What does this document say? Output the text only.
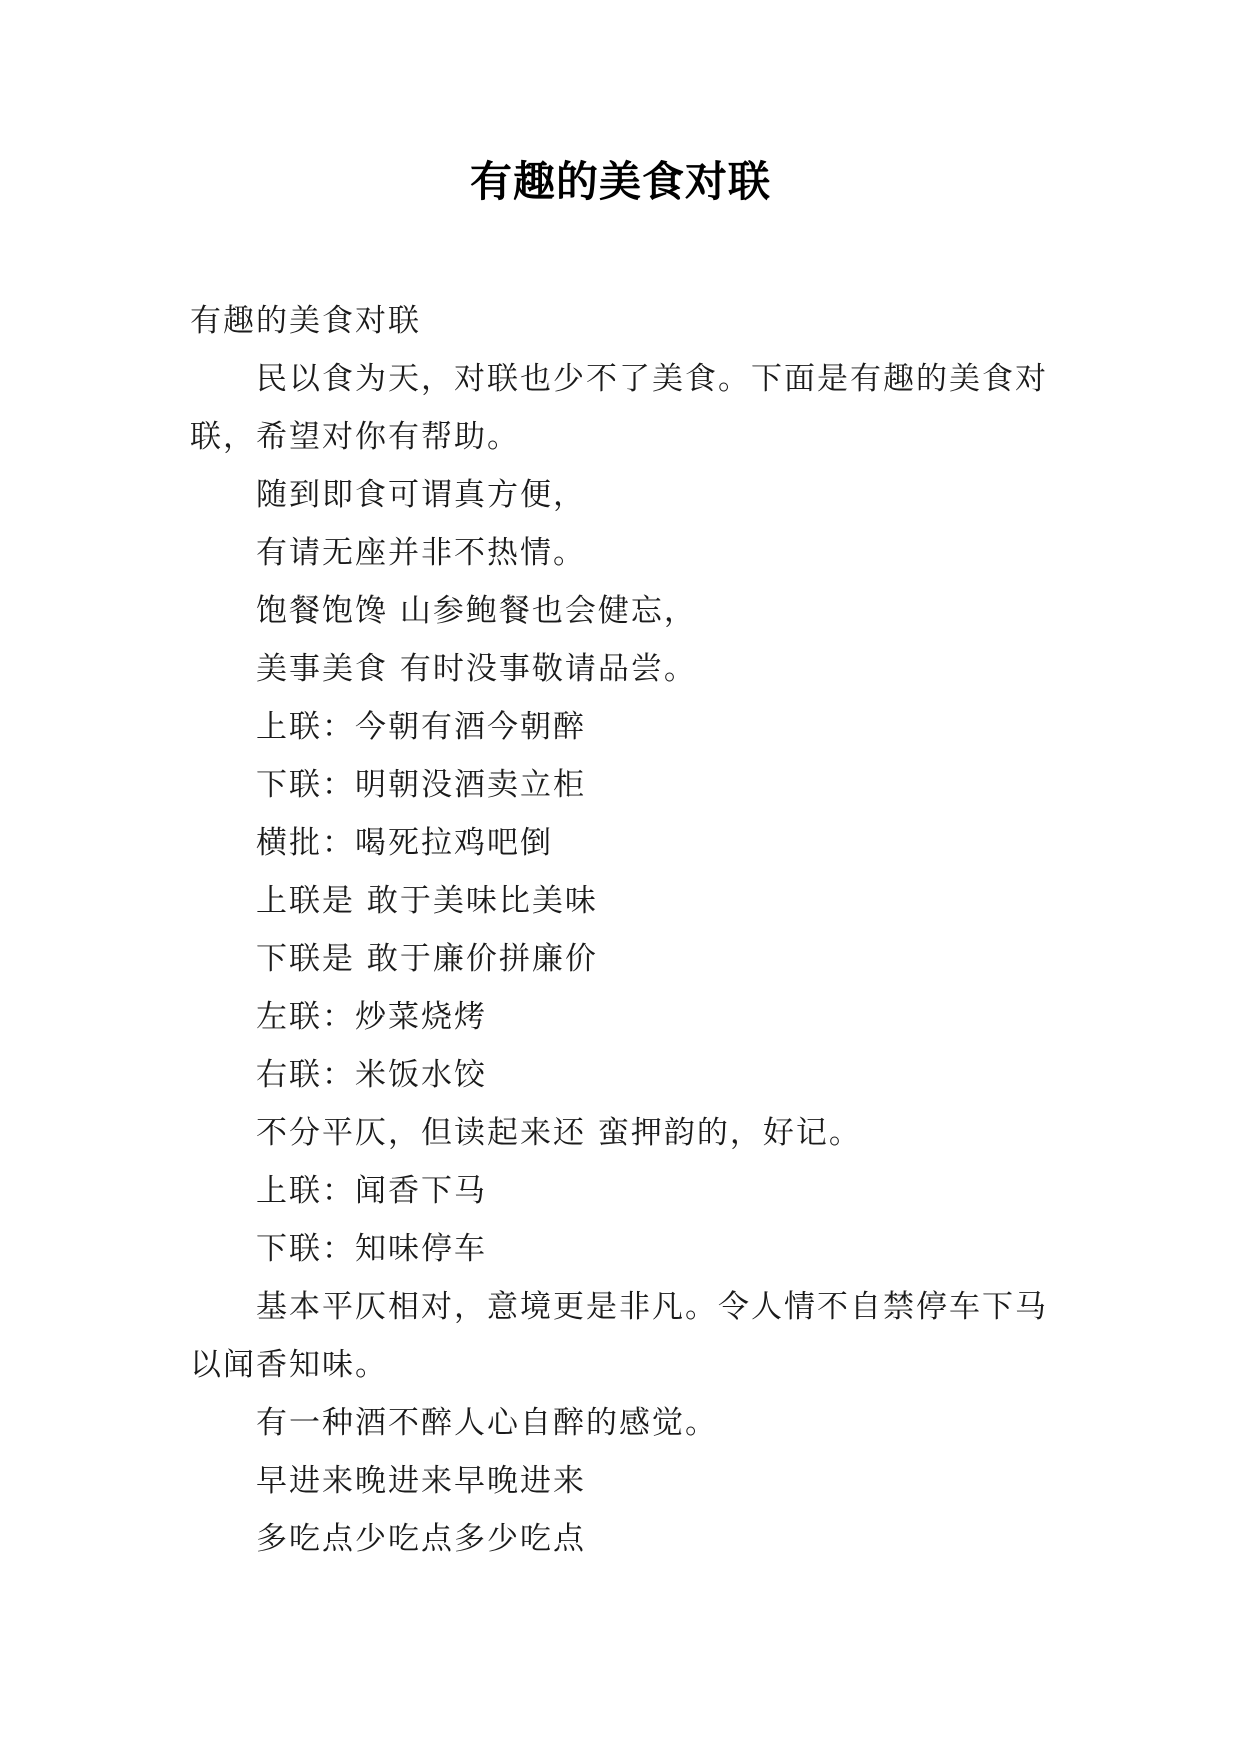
有趣的美食对联

有趣的美食对联

民以食为天，对联也少不了美食。下面是有趣的美食对联，希望对你有帮助。

随到即食可谓真方便，

有请无座并非不热情。

饱餐饱馋 山参鲍餐也会健忘，

美事美食 有时没事敬请品尝。

上联：今朝有酒今朝醉

下联：明朝没酒卖立柜

横批：喝死拉鸡吧倒

上联是 敢于美味比美味

下联是 敢于廉价拼廉价

左联：炒菜烧烤

右联：米饭水饺

不分平仄，但读起来还 蛮押韵的，好记。

上联：闻香下马

下联：知味停车

基本平仄相对，意境更是非凡。令人情不自禁停车下马以闻香知味。

有一种酒不醉人心自醉的感觉。

早进来晚进来早晚进来

多吃点少吃点多少吃点
